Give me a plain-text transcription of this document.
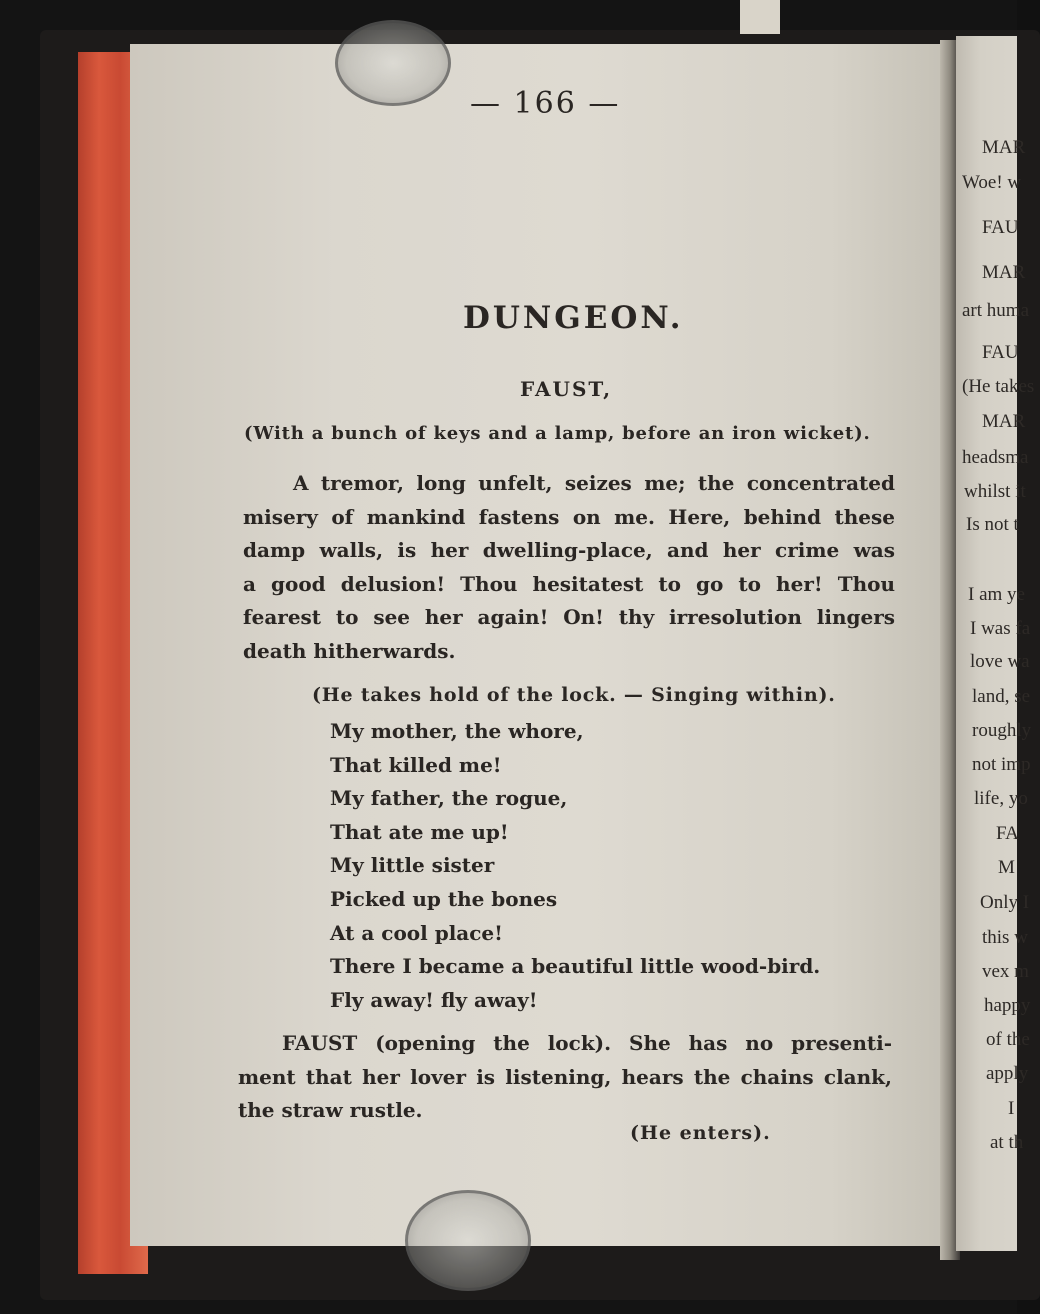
— 166 —

DUNGEON.

FAUST,

(With a bunch of keys and a lamp, before an iron wicket).

A tremor, long unfelt, seizes me; the concentrated
misery of mankind fastens on me. Here, behind these
damp walls, is her dwelling-place, and her crime was
a good delusion! Thou hesitatest to go to her! Thou
fearest to see her again! On! thy irresolution lingers
death hitherwards.

(He takes hold of the lock. — Singing within).

My mother, the whore,
That killed me!
My father, the rogue,
That ate me up!
My little sister
Picked up the bones
At a cool place!
There I became a beautiful little wood-bird.
Fly away! fly away!

FAUST (opening the lock). She has no presenti-
ment that her lover is listening, hears the chains clank,
the straw rustle.

(He enters).

MAR
Woe! w
FAU
MAR
art huma
FAU
(He takes
MAR
headsma
whilst it
Is not t
I am ye
I was fa
love wa
land, se
roughly
not imp
life, yo
FA
M
Only I
this w
vex m
happy
of the
apply
I
at th
